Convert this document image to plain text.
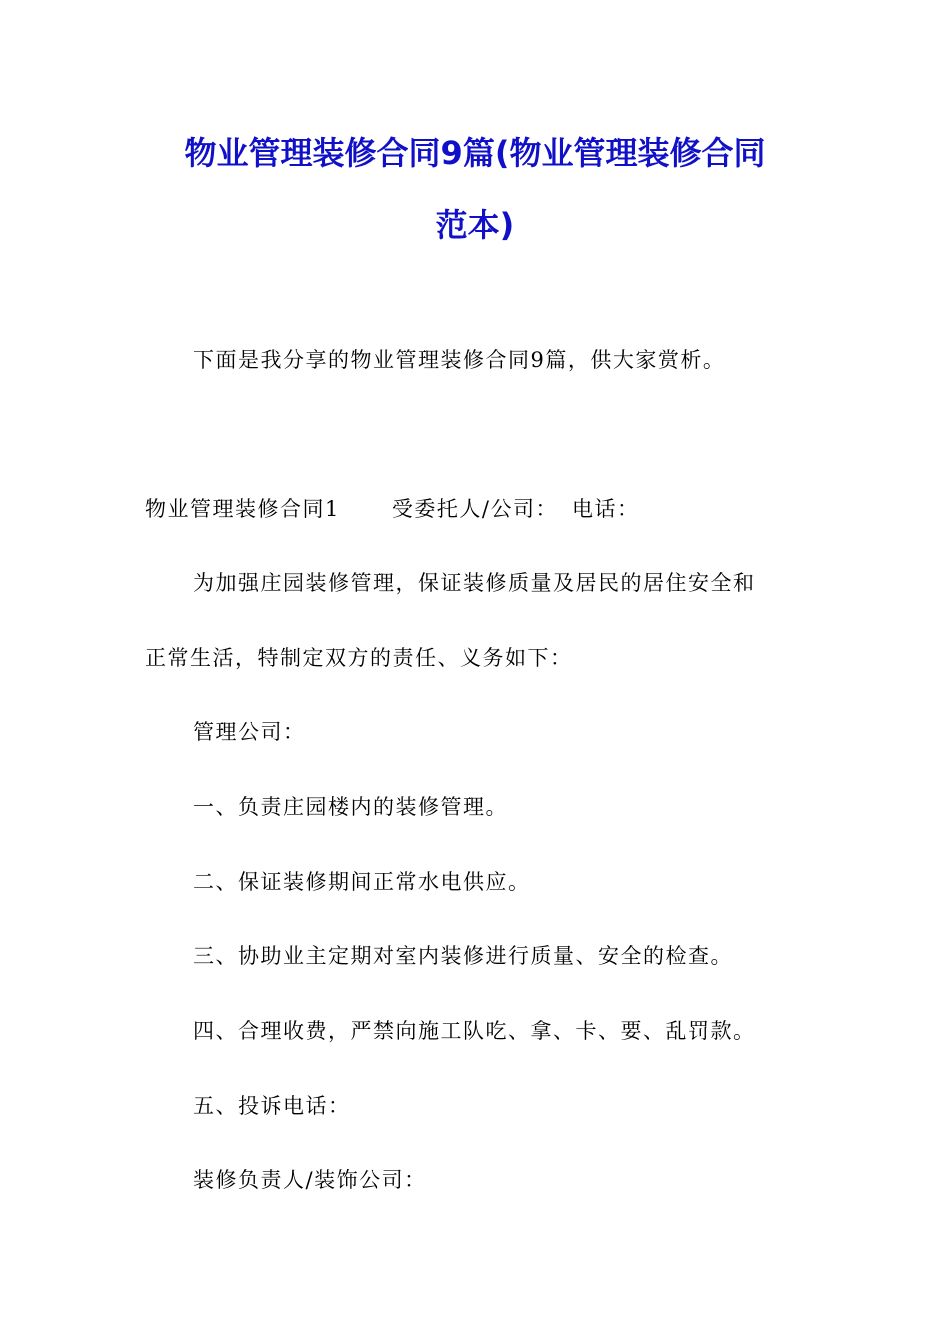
物业管理装修合同9篇(物业管理装修合同
范本)
下面是我分享的物业管理装修合同9篇，供大家赏析。
物业管理装修合同1 受委托人/公司： 电话：
为加强庄园装修管理，保证装修质量及居民的居住安全和
正常生活，特制定双方的责任、义务如下：
管理公司：
一、负责庄园楼内的装修管理。
二、保证装修期间正常水电供应。
三、协助业主定期对室内装修进行质量、安全的检查。
四、合理收费，严禁向施工队吃、拿、卡、要、乱罚款。
五、投诉电话：
装修负责人/装饰公司：
